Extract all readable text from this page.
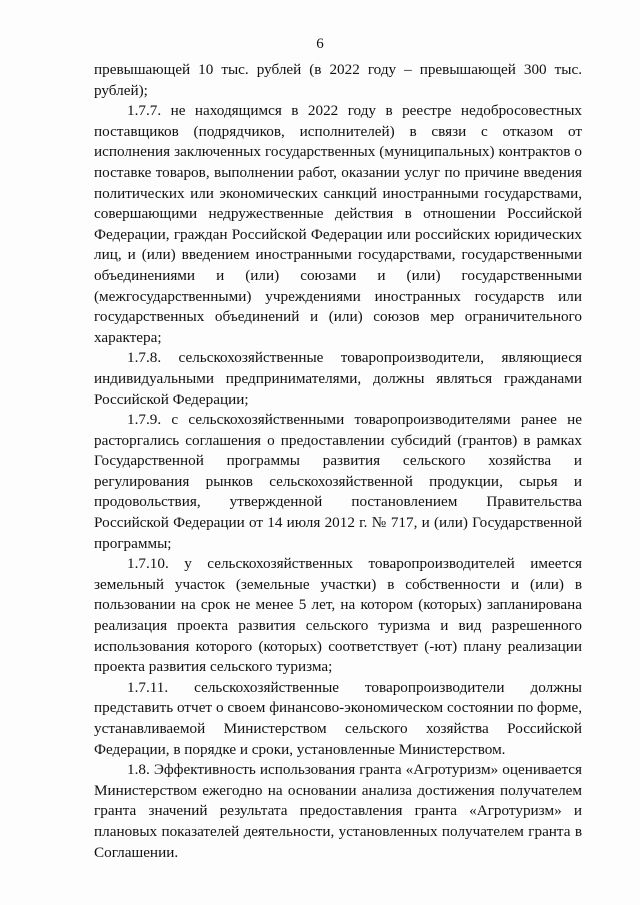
6

превышающей 10 тыс. рублей (в 2022 году – превышающей 300 тыс. рублей);

1.7.7. не находящимся в 2022 году в реестре недобросовестных поставщиков (подрядчиков, исполнителей) в связи с отказом от исполнения заключенных государственных (муниципальных) контрактов о поставке товаров, выполнении работ, оказании услуг по причине введения политических или экономических санкций иностранными государствами, совершающими недружественные действия в отношении Российской Федерации, граждан Российской Федерации или российских юридических лиц, и (или) введением иностранными государствами, государственными объединениями и (или) союзами и (или) государственными (межгосударственными) учреждениями иностранных государств или государственных объединений и (или) союзов мер ограничительного характера;

1.7.8. сельскохозяйственные товаропроизводители, являющиеся индивидуальными предпринимателями, должны являться гражданами Российской Федерации;

1.7.9. с сельскохозяйственными товаропроизводителями ранее не расторгались соглашения о предоставлении субсидий (грантов) в рамках Государственной программы развития сельского хозяйства и регулирования рынков сельскохозяйственной продукции, сырья и продовольствия, утвержденной постановлением Правительства Российской Федерации от 14 июля 2012 г. № 717, и (или) Государственной программы;

1.7.10. у сельскохозяйственных товаропроизводителей имеется земельный участок (земельные участки) в собственности и (или) в пользовании на срок не менее 5 лет, на котором (которых) запланирована реализация проекта развития сельского туризма и вид разрешенного использования которого (которых) соответствует (-ют) плану реализации проекта развития сельского туризма;

1.7.11. сельскохозяйственные товаропроизводители должны представить отчет о своем финансово-экономическом состоянии по форме, устанавливаемой Министерством сельского хозяйства Российской Федерации, в порядке и сроки, установленные Министерством.

1.8. Эффективность использования гранта «Агротуризм» оценивается Министерством ежегодно на основании анализа достижения получателем гранта значений результата предоставления гранта «Агротуризм» и плановых показателей деятельности, установленных получателем гранта в Соглашении.
